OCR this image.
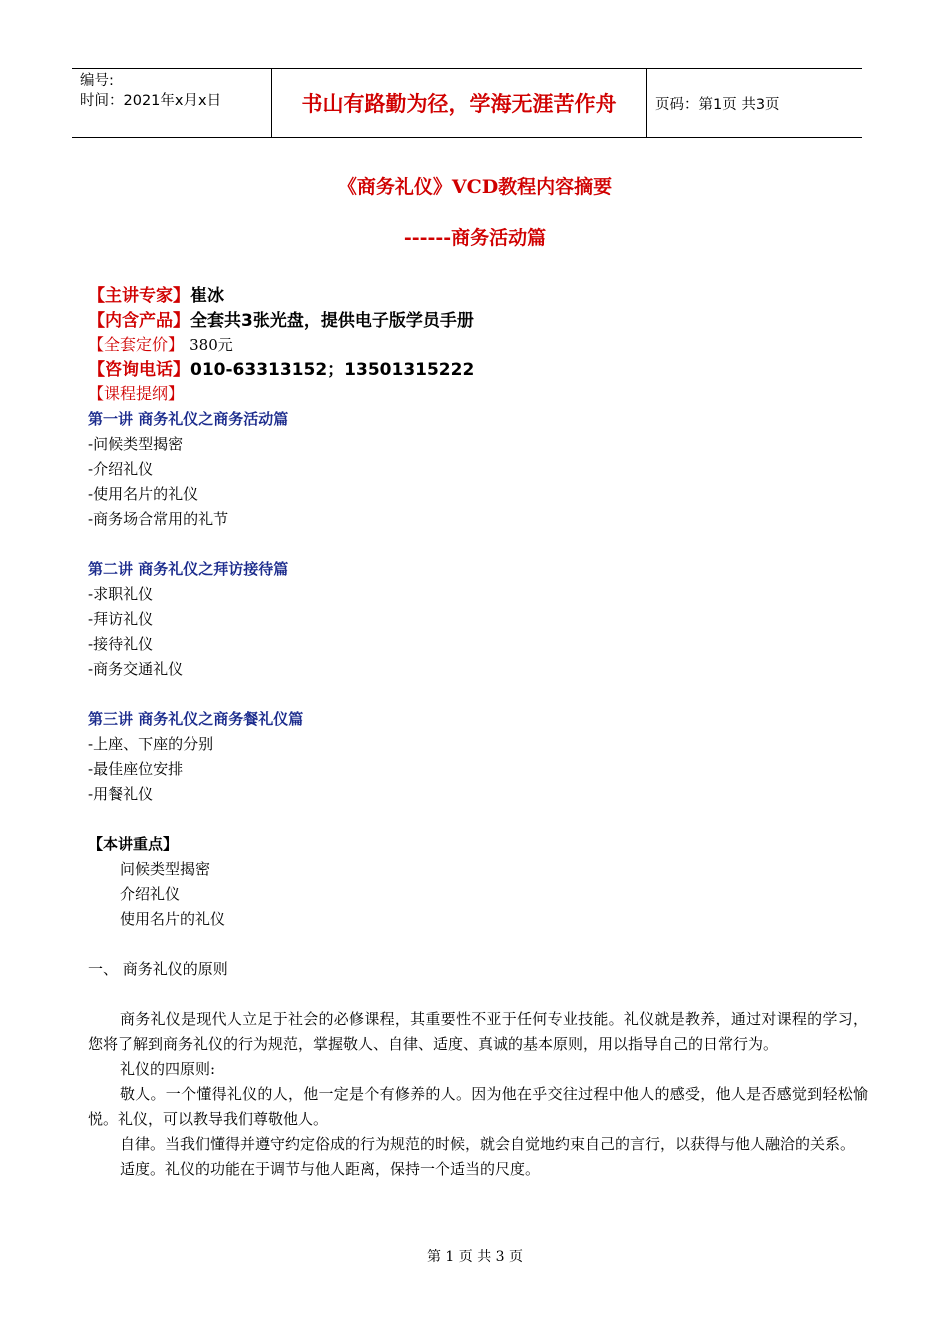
编号:
时间：2021年x月x日	书山有路勤为径，学海无涯苦作舟	页码：第1页 共3页
《商务礼仪》VCD教程内容摘要
------商务活动篇
【主讲专家】崔冰
【内含产品】全套共3张光盘，提供电子版学员手册
【全套定价】 380元
【咨询电话】010-63313152；13501315222
【课程提纲】
第一讲 商务礼仪之商务活动篇
-问候类型揭密
-介绍礼仪
-使用名片的礼仪
-商务场合常用的礼节
第二讲 商务礼仪之拜访接待篇
-求职礼仪
-拜访礼仪
-接待礼仪
-商务交通礼仪
第三讲 商务礼仪之商务餐礼仪篇
-上座、下座的分别
-最佳座位安排
-用餐礼仪
【本讲重点】
问候类型揭密
介绍礼仪
使用名片的礼仪
一、 商务礼仪的原则

商务礼仪是现代人立足于社会的必修课程，其重要性不亚于任何专业技能。礼仪就是教养，通过对课程的学习，您将了解到商务礼仪的行为规范，掌握敬人、自律、适度、真诚的基本原则，用以指导自己的日常行为。

礼仪的四原则:

敬人。一个懂得礼仪的人，他一定是个有修养的人。因为他在乎交往过程中他人的感受，他人是否感觉到轻松愉悦。礼仪，可以教导我们尊敬他人。

自律。当我们懂得并遵守约定俗成的行为规范的时候，就会自觉地约束自己的言行，以获得与他人融洽的关系。

适度。礼仪的功能在于调节与他人距离，保持一个适当的尺度。

第 1 页 共 3 页
